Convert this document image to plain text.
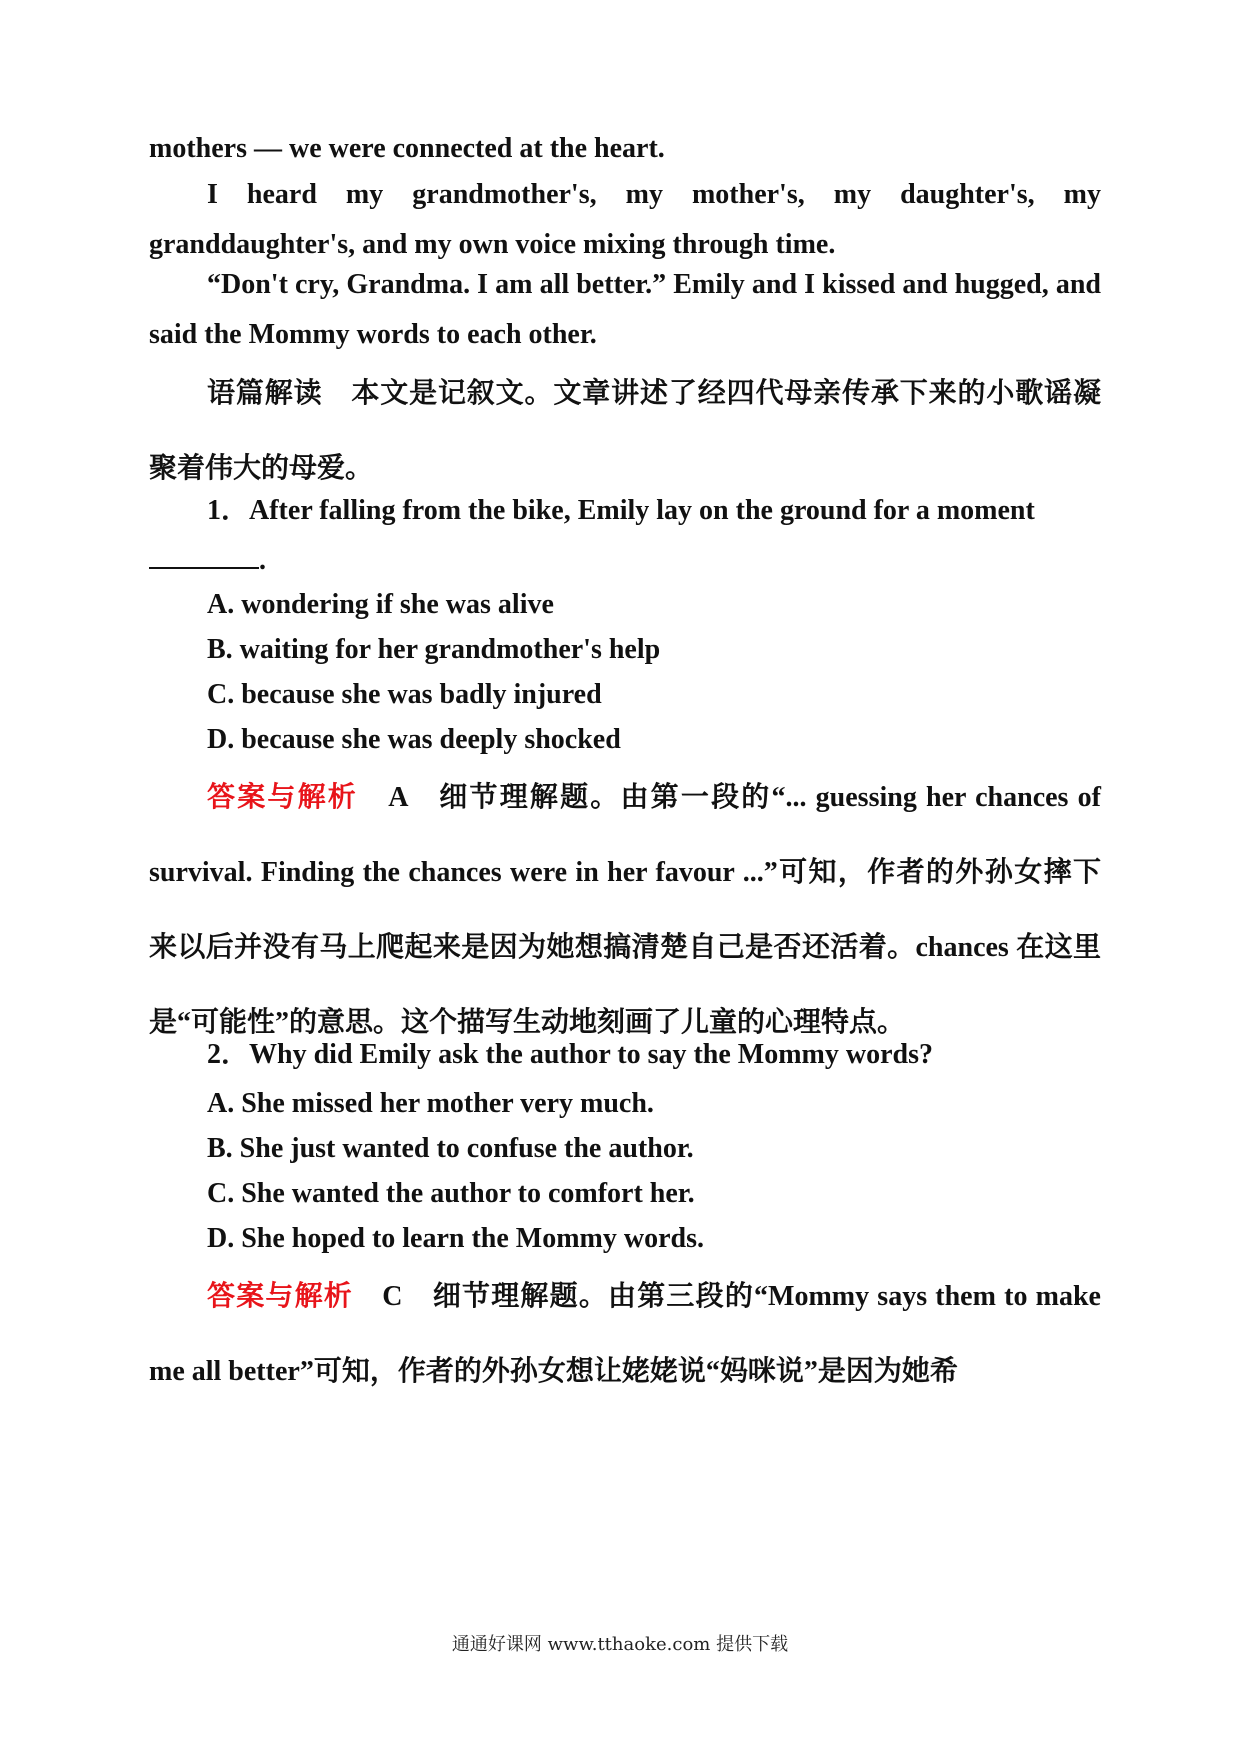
mothers — we were connected at the heart.

I heard my grandmother's, my mother's, my daughter's, my granddaughter's, and my own voice mixing through time.

“Don't cry, Grandma. I am all better.” Emily and I kissed and hugged, and said the Mommy words to each other.

语篇解读　 本文是记叙文。文章讲述了经四代母亲传承下来的小歌谣凝聚着伟大的母爱。

1．After falling from the bike, Emily lay on the ground for a moment
.

A. wondering if she was alive

B. waiting for her grandmother's help

C. because she was badly injured

D. because she was deeply shocked

答案与解析　 A　 细节理解题。由第一段的“... guessing her chances of survival. Finding the chances were in her favour ...”可知，作者的外孙女摔下来以后并没有马上爬起来是因为她想搞清楚自己是否还活着。chances 在这里是“可能性”的意思。这个描写生动地刻画了儿童的心理特点。

2．Why did Emily ask the author to say the Mommy words?

A. She missed her mother very much.

B. She just wanted to confuse the author.

C. She wanted the author to comfort her.

D. She hoped to learn the Mommy words.

答案与解析　 C　 细节理解题。由第三段的“Mommy says them to make me all better”可知，作者的外孙女想让姥姥说“妈咪说”是因为她希

通通好课网 www.tthaoke.com 提供下载
